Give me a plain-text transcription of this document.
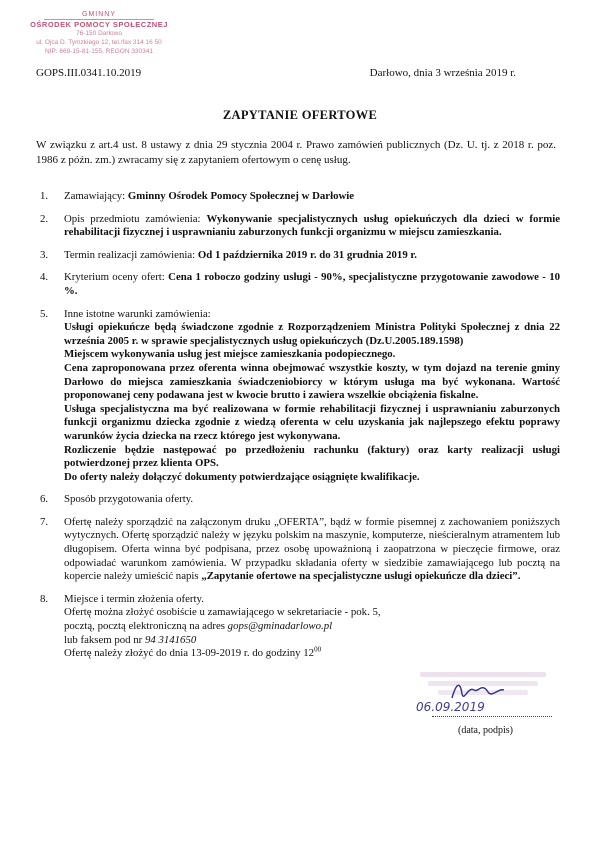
GMINNY
OŚRODEK POMOCY SPOŁECZNEJ
76-150 Darłowo
ul. Ojca D. Tymzkiego 12, tel./fax 314 16 50
NIP: 669-15-81-155, REGON 330341
GOPS.III.0341.10.2019	Darłowo, dnia 3 września 2019 r.
ZAPYTANIE OFERTOWE
W związku z art.4 ust. 8 ustawy z dnia 29 stycznia 2004 r. Prawo zamówień publicznych (Dz. U. tj. z 2018 r. poz. 1986 z późn. zm.) zwracamy się z zapytaniem ofertowym o cenę usług.
1.	Zamawiający: Gminny Ośrodek Pomocy Społecznej w Darłowie
2.	Opis przedmiotu zamówienia: Wykonywanie specjalistycznych usług opiekuńczych dla dzieci w formie rehabilitacji fizycznej i usprawnianiu zaburzonych funkcji organizmu w miejscu zamieszkania.
3.	Termin realizacji zamówienia: Od 1 października 2019 r. do 31 grudnia 2019 r.
4.	Kryterium oceny ofert: Cena 1 roboczo godziny usługi - 90%, specjalistyczne przygotowanie zawodowe - 10 %.
5.	Inne istotne warunki zamówienia:
Usługi opiekuńcze będą świadczone zgodnie z Rozporządzeniem Ministra Polityki Społecznej z dnia 22 września 2005 r. w sprawie specjalistycznych usług opiekuńczych (Dz.U.2005.189.1598)
Miejscem wykonywania usług jest miejsce zamieszkania podopiecznego.
Cena zaproponowana przez oferenta winna obejmować wszystkie koszty, w tym dojazd na terenie gminy Darłowo do miejsca zamieszkania świadczeniobiorcy w którym usługa ma być wykonana. Wartość proponowanej ceny podawana jest w kwocie brutto i zawiera wszelkie obciążenia fiskalne.
Usługa specjalistyczna ma być realizowana w formie rehabilitacji fizycznej i usprawnianiu zaburzonych funkcji organizmu dziecka zgodnie z wiedzą oferenta w celu uzyskania jak najlepszego efektu poprawy warunków życia dziecka na rzecz którego jest wykonywana.
Rozliczenie będzie następować po przedłożeniu rachunku (faktury) oraz karty realizacji usługi potwierdzonej przez klienta OPS.
Do oferty należy dołączyć dokumenty potwierdzające osiągnięte kwalifikacje.
6.	Sposób przygotowania oferty.
7.	Ofertę należy sporządzić na załączonym druku „OFERTA”, bądź w formie pisemnej z zachowaniem poniższych wytycznych. Ofertę sporządzić należy w języku polskim na maszynie, komputerze, nieścieralnym atramentem lub długopisem. Oferta winna być podpisana, przez osobę upoważnioną i zaopatrzona w pieczęcie firmowe, oraz odpowiadać warunkom zamówienia. W przypadku składania oferty w siedzibie zamawiającego lub pocztą na kopercie należy umieścić napis „Zapytanie ofertowe na specjalistyczne usługi opiekuńcze dla dzieci”.
8.	Miejsce i termin złożenia oferty.
Ofertę można złożyć osobiście u zamawiającego w sekretariacie - pok. 5,
pocztą, pocztą elektroniczną na adres gops@gminadarlowo.pl
lub faksem pod nr 94 3141650
Ofertę należy złożyć do dnia 13-09-2019 r. do godziny $12^{00}$
06.09.2019
(data, podpis)
